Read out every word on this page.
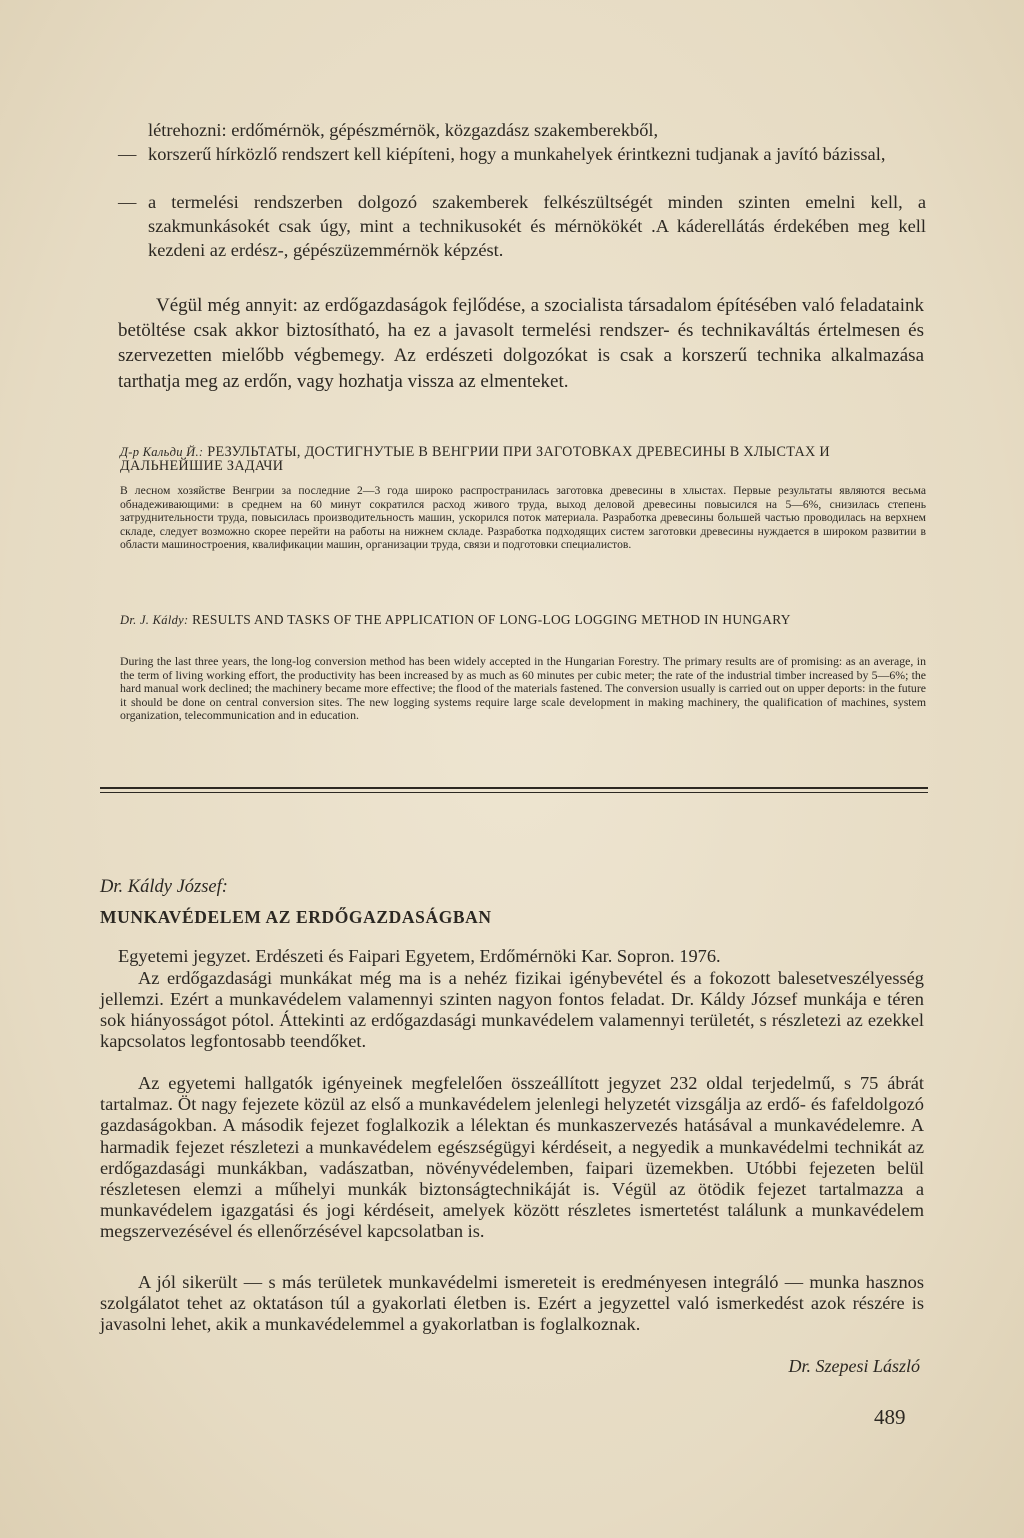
létrehozni: erdőmérnök, gépészmérnök, közgazdász szakemberekből,

— korszerű hírközlő rendszert kell kiépíteni, hogy a munkahelyek érintkezni tudjanak a javító bázissal,
— a termelési rendszerben dolgozó szakemberek felkészültségét minden szinten emelni kell, a szakmunkásokét csak úgy, mint a technikusokét és mérnökökét .A káderellátás érdekében meg kell kezdeni az erdész-, gépészüzemmérnök képzést.

Végül még annyit: az erdőgazdaságok fejlődése, a szocialista társadalom építésében való feladataink betöltése csak akkor biztosítható, ha ez a javasolt termelési rendszer- és technikaváltás értelmesen és szervezetten mielőbb végbemegy. Az erdészeti dolgozókat is csak a korszerű technika alkalmazása tarthatja meg az erdőn, vagy hozhatja vissza az elmenteket.

Д-р Кальди Й.: РЕЗУЛЬТАТЫ, ДОСТИГНУТЫЕ В ВЕНГРИИ ПРИ ЗАГОТОВКАХ ДРЕВЕСИНЫ В ХЛЫСТАХ И ДАЛЬНЕЙШИЕ ЗАДАЧИ

В лесном хозяйстве Венгрии за последние 2—3 года широко распространилась заготовка древесины в хлыстах. Первые результаты являются весьма обнадеживающими: в среднем на 60 минут сократился расход живого труда, выход деловой древесины повысился на 5—6%, снизилась степень затруднительности труда, повысилась производительность машин, ускорился поток материала. Разработка древесины большей частью проводилась на верхнем складе, следует возможно скорее перейти на работы на нижнем складе. Разработка подходящих систем заготовки древесины нуждается в широком развитии в области машиностроения, квалификации машин, организации труда, связи и подготовки специалистов.

Dr. J. Káldy: RESULTS AND TASKS OF THE APPLICATION OF LONG-LOG LOGGING METHOD IN HUNGARY

During the last three years, the long-log conversion method has been widely accepted in the Hungarian Forestry. The primary results are of promising: as an average, in the term of living working effort, the productivity has been increased by as much as 60 minutes per cubic meter; the rate of the industrial timber increased by 5—6%; the hard manual work declined; the machinery became more effective; the flood of the materials fastened. The conversion usually is carried out on upper deports: in the future it should be done on central conversion sites. The new logging systems require large scale development in making machinery, the qualification of machines, system organization, telecommunication and in education.

Dr. Káldy József:

MUNKAVÉDELEM AZ ERDŐGAZDASÁGBAN

Egyetemi jegyzet. Erdészeti és Faipari Egyetem, Erdőmérnöki Kar. Sopron. 1976.

Az erdőgazdasági munkákat még ma is a nehéz fizikai igénybevétel és a fokozott balesetveszélyesség jellemzi. Ezért a munkavédelem valamennyi szinten nagyon fontos feladat. Dr. Káldy József munkája e téren sok hiányosságot pótol. Áttekinti az erdőgazdasági munkavédelem valamennyi területét, s részletezi az ezekkel kapcsolatos legfontosabb teendőket.

Az egyetemi hallgatók igényeinek megfelelően összeállított jegyzet 232 oldal terjedelmű, s 75 ábrát tartalmaz. Öt nagy fejezete közül az első a munkavédelem jelenlegi helyzetét vizsgálja az erdő- és fafeldolgozó gazdaságokban. A második fejezet foglalkozik a lélektan és munkaszervezés hatásával a munkavédelemre. A harmadik fejezet részletezi a munkavédelem egészségügyi kérdéseit, a negyedik a munkavédelmi technikát az erdőgazdasági munkákban, vadászatban, növényvédelemben, faipari üzemekben. Utóbbi fejezeten belül részletesen elemzi a műhelyi munkák biztonságtechnikáját is. Végül az ötödik fejezet tartalmazza a munkavédelem igazgatási és jogi kérdéseit, amelyek között részletes ismertetést találunk a munkavédelem megszervezésével és ellenőrzésével kapcsolatban is.

A jól sikerült — s más területek munkavédelmi ismereteit is eredményesen integráló — munka hasznos szolgálatot tehet az oktatáson túl a gyakorlati életben is. Ezért a jegyzettel való ismerkedést azok részére is javasolni lehet, akik a munkavédelemmel a gyakorlatban is foglalkoznak.

Dr. Szepesi László

489
